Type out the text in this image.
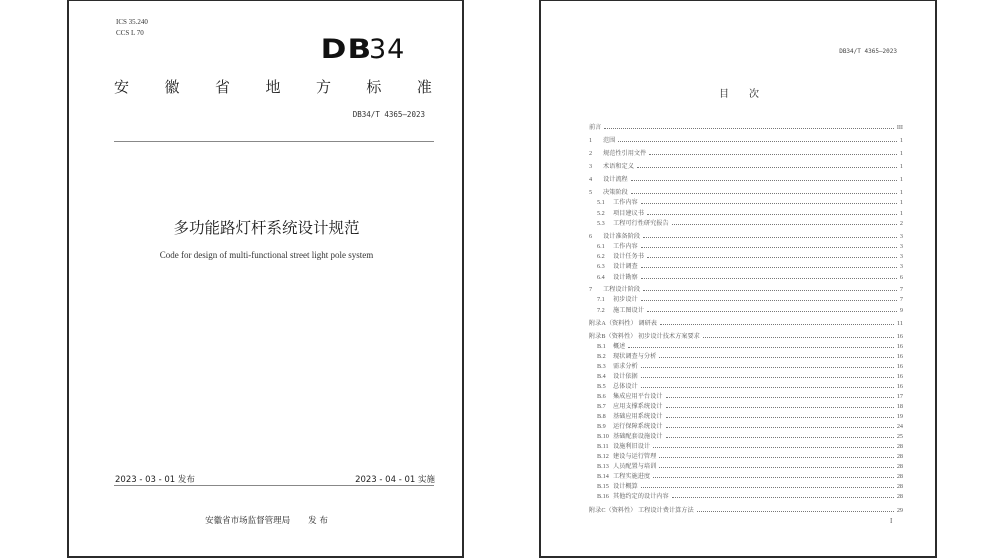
ICS 35.240
CCS L 70
DB34
安 徽 省 地 方 标 准
DB34/T 4365—2023
多功能路灯杆系统设计规范
Code for design of multi-functional street light pole system
2023 - 03 - 01 发布	2023 - 04 - 01 实施
安徽省市场监督管理局 发 布
DB34/T 4365—2023
目 次
前言	III
1	范围	1
2	规范性引用文件	1
3	术语和定义	1
4	设计流程	1
5	决策阶段	1
5.1	工作内容	1
5.2	项目建议书	1
5.3	工程可行性研究报告	2
6	设计准备阶段	3
6.1	工作内容	3
6.2	设计任务书	3
6.3	设计调查	3
6.4	设计勘察	6
7	工程设计阶段	7
7.1	初步设计	7
7.2	施工图设计	9
附录A（资料性） 调研表	11
附录B（资料性） 初步设计技术方案要求	16
B.1	概述	16
B.2	现状调查与分析	16
B.3	需求分析	16
B.4	设计依据	16
B.5	总体设计	16
B.6	集成应用平台设计	17
B.7	应用支撑系统设计	18
B.8	基础应用系统设计	19
B.9	运行保障系统设计	24
B.10 基础配套设施设计	25
B.11 设施利旧设计	28
B.12 建设与运行管理	28
B.13 人员配置与培训	28
B.14 工程实施进度	28
B.15 设计概算	28
B.16 其他约定的设计内容	28
附录C（资料性） 工程设计费计算方法	29
I
